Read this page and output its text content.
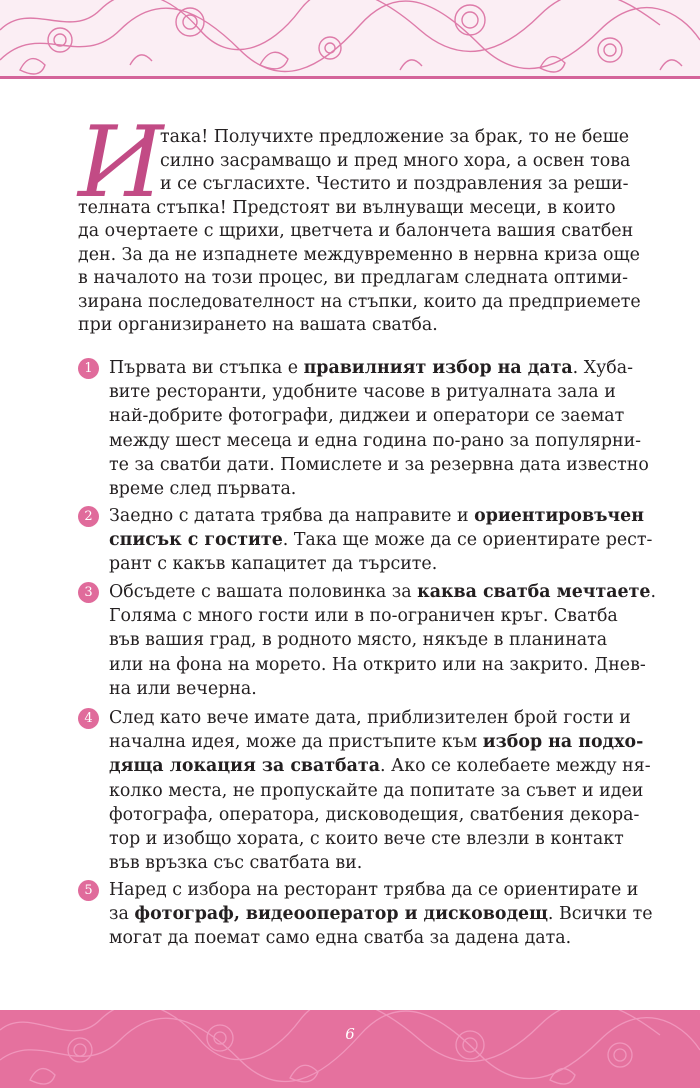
И
така! Получихте предложение за брак, то не беше
силно засрамващо и пред много хора, а освен това
и се съгласихте. Честито и поздравления за реши-
телната стъпка! Предстоят ви вълнуващи месеци, в които
да очертаете с щрихи, цветчета и балончета вашия сватбен
ден. За да не изпаднете междувременно в нервна криза още
в началото на този процес, ви предлагам следната оптими-
зирана последователност на стъпки, които да предприемете
при организирането на вашата сватба.
1 Първата ви стъпка е правилният избор на дата. Хуба-
вите ресторанти, удобните часове в ритуалната зала и
най-добрите фотографи, диджеи и оператори се заемат
между шест месеца и една година по-рано за популярни-
те за сватби дати. Помислете и за резервна дата известно
време след първата.
2 Заедно с датата трябва да направите и ориентировъчен
списък с гостите. Така ще може да се ориентирате рест-
рант с какъв капацитет да търсите.
3 Обсъдете с вашата половинка за каква сватба мечтаете.
Голяма с много гости или в по-ограничен кръг. Сватба
във вашия град, в родното място, някъде в планината
или на фона на морето. На открито или на закрито. Днев-
на или вечерна.
4 След като вече имате дата, приблизителен брой гости и
начална идея, може да пристъпите към избор на подхо-
дяща локация за сватбата. Ако се колебаете между ня-
колко места, не пропускайте да попитате за съвет и идеи
фотографа, оператора, дисководещия, сватбения декора-
тор и изобщо хората, с които вече сте влезли в контакт
във връзка със сватбата ви.
5 Наред с избора на ресторант трябва да се ориентирате и
за фотограф, видеооператор и дисководещ. Всички те
могат да поемат само една сватба за дадена дата.
6
